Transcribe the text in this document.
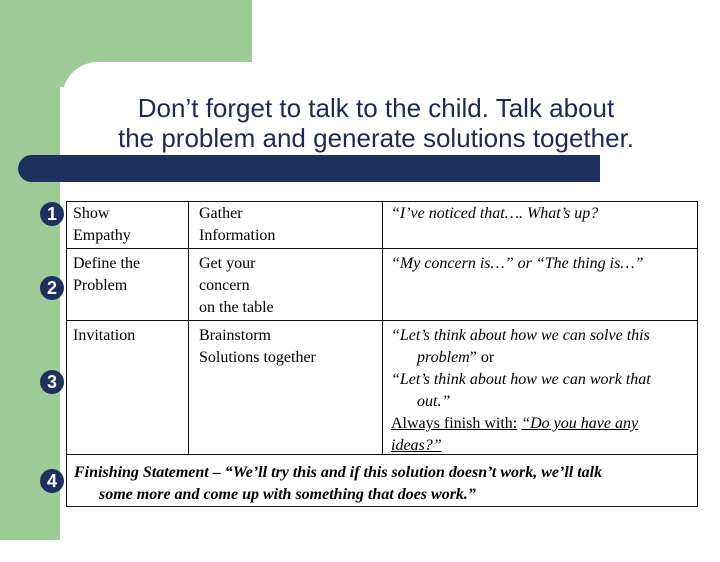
Don’t forget to talk to the child. Talk about
the problem and generate solutions together.
Show
Empathy
Gather
Information
“I’ve noticed that…. What’s up?
Define the
Problem
Get your
concern
on the table
“My concern is…” or “The thing is…”
Invitation	Brainstorm
Solutions together
“Let’s think about how we can solve this
problem” or
“Let’s think about how we can work that
out.”
Always finish with: “Do you have any
ideas?”
Finishing Statement – “We’ll try this and if this solution doesn’t work, we’ll talk
some more and come up with something that does work.”
1
2
3
4
